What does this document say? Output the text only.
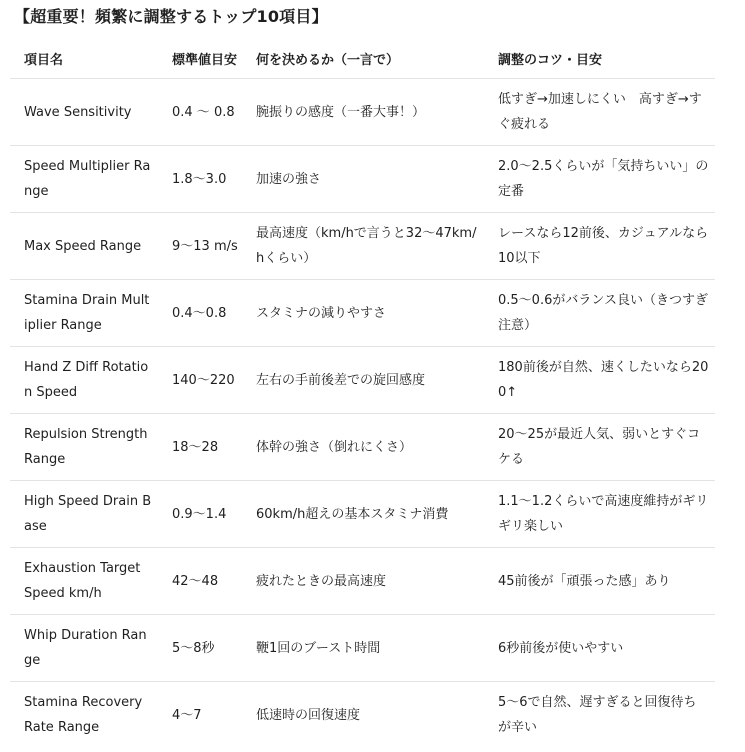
【超重要！頻繁に調整するトップ10項目】
項目名	標準値目安	何を決めるか（一言で）	調整のコツ・目安
Wave Sensitivity	0.4 ～ 0.8	腕振りの感度（一番大事！）	低すぎ→加速しにくい　高すぎ→すぐ疲れる
Speed Multiplier Range	1.8～3.0	加速の強さ	2.0～2.5くらいが「気持ちいい」の定番
Max Speed Range	9～13 m/s	最高速度（km/hで言うと32～47km/hくらい）	レースなら12前後、カジュアルなら10以下
Stamina Drain Multiplier Range	0.4～0.8	スタミナの減りやすさ	0.5～0.6がバランス良い（きつすぎ注意）
Hand Z Diff Rotation Speed	140～220	左右の手前後差での旋回感度	180前後が自然、速くしたいなら200↑
Repulsion Strength Range	18～28	体幹の強さ（倒れにくさ）	20～25が最近人気、弱いとすぐコケる
High Speed Drain Base	0.9～1.4	60km/h超えの基本スタミナ消費	1.1～1.2くらいで高速度維持がギリギリ楽しい
Exhaustion Target Speed km/h	42～48	疲れたときの最高速度	45前後が「頑張った感」あり
Whip Duration Range	5～8秒	鞭1回のブースト時間	6秒前後が使いやすい
Stamina Recovery Rate Range	4～7	低速時の回復速度	5～6で自然、遅すぎると回復待ちが辛い
